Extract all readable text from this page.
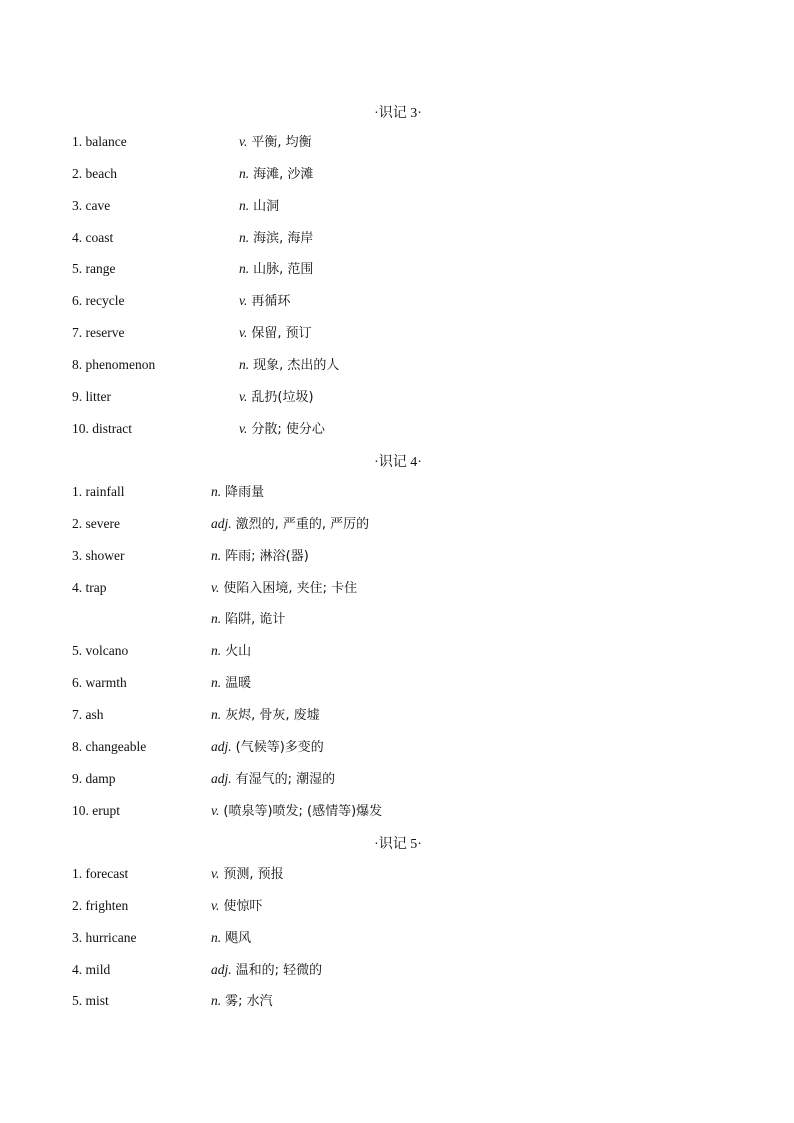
·识记 3·
1. balance	v. 平衡, 均衡
2. beach	n. 海滩, 沙滩
3. cave	n. 山洞
4. coast	n. 海滨, 海岸
5. range	n. 山脉, 范围
6. recycle	v. 再循环
7. reserve	v. 保留, 预订
8. phenomenon	n. 现象, 杰出的人
9. litter	v. 乱扔(垃圾)
10. distract	v. 分散; 使分心
·识记 4·
1. rainfall	n. 降雨量
2. severe	adj. 激烈的, 严重的, 严厉的
3. shower	n. 阵雨; 淋浴(器)
4. trap	v. 使陷入困境, 夹住; 卡住
n. 陷阱, 诡计
5. volcano	n. 火山
6. warmth	n. 温暖
7. ash	n. 灰烬, 骨灰, 废墟
8. changeable	adj. (气候等)多变的
9. damp	adj. 有湿气的; 潮湿的
10. erupt	v. (喷泉等)喷发; (感情等)爆发
·识记 5·
1. forecast	v. 预测, 预报
2. frighten	v. 使惊吓
3. hurricane	n. 飓风
4. mild	adj. 温和的; 轻微的
5. mist	n. 雾; 水汽
